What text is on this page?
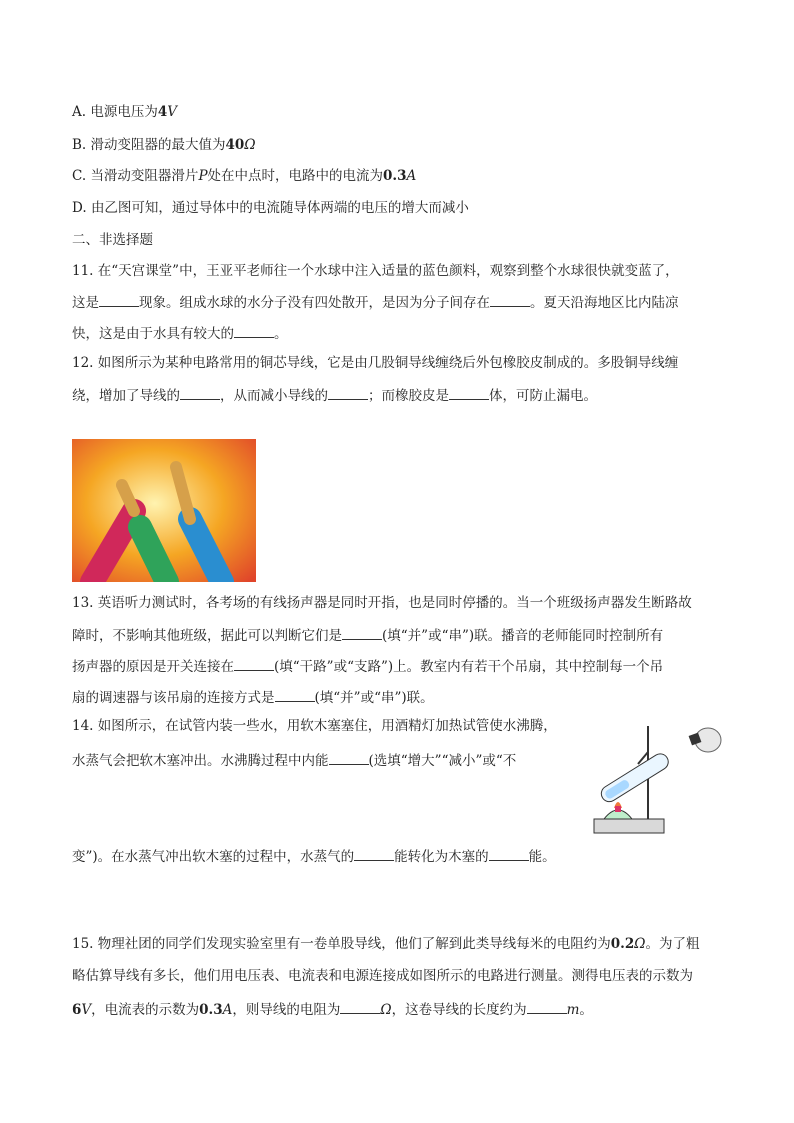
A. 电源电压为4V
B. 滑动变阻器的最大值为40Ω
C. 当滑动变阻器滑片P处在中点时，电路中的电流为0.3A
D. 由乙图可知，通过导体中的电流随导体两端的电压的增大而减小
二、非选择题
11. 在“天宫课堂”中，王亚平老师往一个水球中注入适量的蓝色颜料，观察到整个水球很快就变蓝了，
这是	现象。组成水球的水分子没有四处散开，是因为分子间存在	。夏天沿海地区比内陆凉
快，这是由于水具有较大的	。
12. 如图所示为某种电路常用的铜芯导线，它是由几股铜导线缠绕后外包橡胶皮制成的。多股铜导线缠
绕，增加了导线的	，从而减小导线的	；而橡胶皮是	体，可防止漏电。
13. 英语听力测试时，各考场的有线扬声器是同时开指，也是同时停播的。当一个班级扬声器发生断路故
障时，不影响其他班级，据此可以判断它们是	(填“并”或“串”)联。播音的老师能同时控制所有
扬声器的原因是开关连接在	(填“干路”或“支路”)上。教室内有若干个吊扇，其中控制每一个吊
扇的调速器与该吊扇的连接方式是	(填“并”或“串”)联。
14. 如图所示，在试管内装一些水，用软木塞塞住，用酒精灯加热试管使水沸腾，
水蒸气会把软木塞冲出。水沸腾过程中内能	(选填“增大”“减小”或“不
变”)。在水蒸气冲出软木塞的过程中，水蒸气的	能转化为木塞的	能。
15. 物理社团的同学们发现实验室里有一卷单股导线，他们了解到此类导线每米的电阻约为0.2Ω。为了粗
略估算导线有多长，他们用电压表、电流表和电源连接成如图所示的电路进行测量。测得电压表的示数为
6V，电流表的示数为0.3A，则导线的电阻为	Ω，这卷导线的长度约为	m。
